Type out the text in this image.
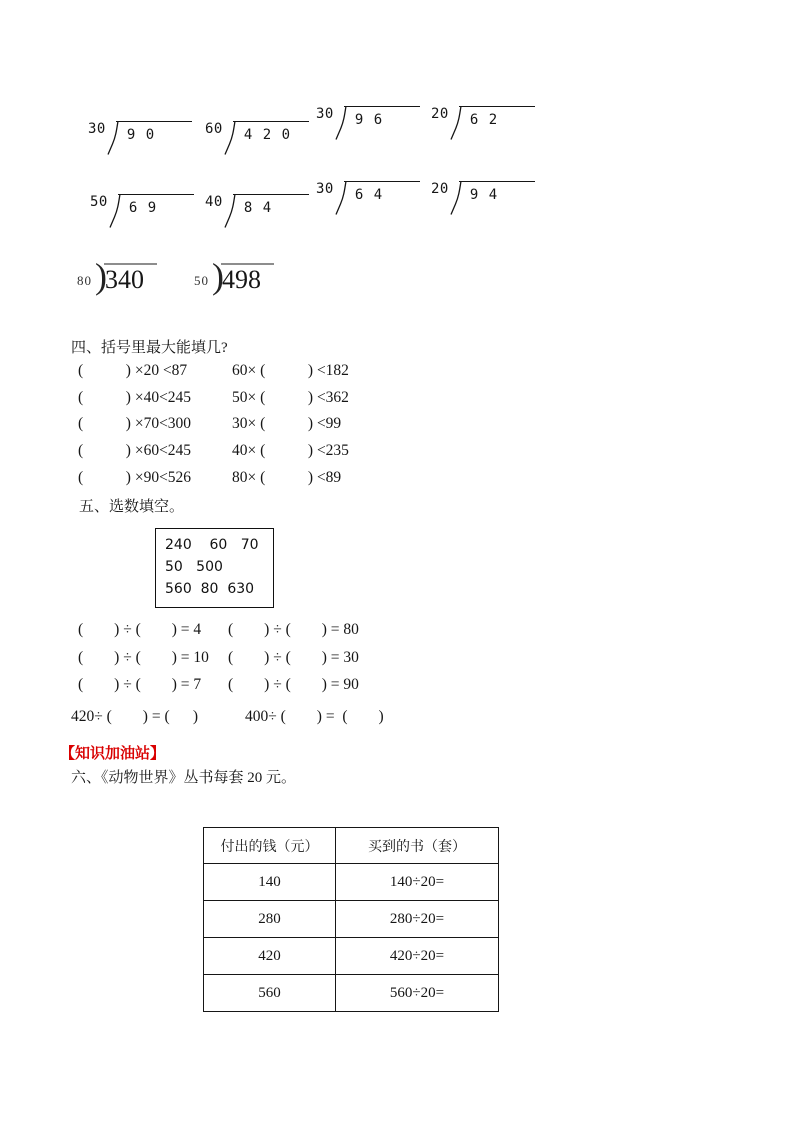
30	9 0	60	4 2 0
30	9 6	20	6 2
50	6 9	40	8 4
30	6 4	20	9 4
80 )
340	50 )
498
四、括号里最大能填几?
(           ) ×20 <87	60× (           ) <182
(           ) ×40<245	50× (           ) <362
(           ) ×70<300	30× (           ) <99
(           ) ×60<245	40× (           ) <235
(           ) ×90<526	80× (           ) <89
五、选数填空。
240    60   70
50   500
560  80  630
(        ) ÷ (        ) = 4 (        ) ÷ (        ) = 80
(        ) ÷ (        ) = 10 (        ) ÷ (        ) = 30
(        ) ÷ (        ) = 7 (        ) ÷ (        ) = 90
420÷ (        ) = (      )	400÷ (        ) =  (        )
【知识加油站】
六、《动物世界》丛书每套 20 元。
付出的钱（元）	买到的书（套）
140	140÷20=
280	280÷20=
420	420÷20=
560	560÷20=
